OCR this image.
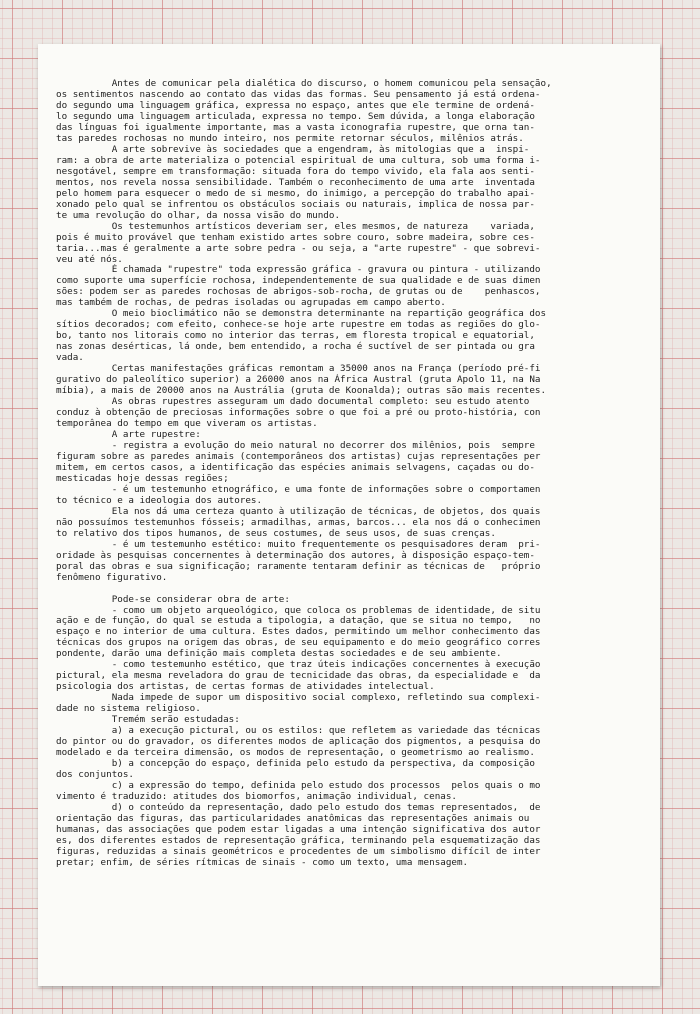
Antes de comunicar pela dialética do discurso, o homem comunicou pela sensação,
os sentimentos nascendo ao contato das vidas das formas. Seu pensamento já está ordena-
do segundo uma linguagem gráfica, expressa no espaço, antes que ele termine de ordená-
lo segundo uma linguagem articulada, expressa no tempo. Sem dúvida, a longa elaboração
das línguas foi igualmente importante, mas a vasta iconografia rupestre, que orna tan-
tas paredes rochosas no mundo inteiro, nos permite retornar séculos, milênios atrás.
A arte sobrevive às sociedades que a engendram, às mitologias que a  inspi-
ram: a obra de arte materializa o potencial espiritual de uma cultura, sob uma forma i-
nesgotável, sempre em transformação: situada fora do tempo vivido, ela fala aos senti-
mentos, nos revela nossa sensibilidade. Também o reconhecimento de uma arte  inventada
pelo homem para esquecer o medo de si mesmo, do inimigo, a percepção do trabalho apai-
xonado pelo qual se infrentou os obstáculos sociais ou naturais, implica de nossa par-
te uma revolução do olhar, da nossa visão do mundo.
Os testemunhos artísticos deveriam ser, eles mesmos, de natureza    variada,
pois é muito provável que tenham existido artes sobre couro, sobre madeira, sobre ces-
taria...mas é geralmente a arte sobre pedra - ou seja, a "arte rupestre" - que sobrevi-
veu até nós.
É chamada "rupestre" toda expressão gráfica - gravura ou pintura - utilizando
como suporte uma superfície rochosa, independentemente de sua qualidade e de suas dimen
sões: podem ser as paredes rochosas de abrigos-sob-rocha, de grutas ou de    penhascos,
mas também de rochas, de pedras isoladas ou agrupadas em campo aberto.
O meio bioclimático não se demonstra determinante na repartição geográfica dos
sítios decorados; com efeito, conhece-se hoje arte rupestre em todas as regiões do glo-
bo, tanto nos litorais como no interior das terras, em floresta tropical e equatorial,
nas zonas desérticas, lá onde, bem entendido, a rocha é suctível de ser pintada ou gra
vada.
Certas manifestações gráficas remontam a 35000 anos na França (período pré-fi
gurativo do paleolítico superior) a 26000 anos na África Austral (gruta Apolo 11, na Na
míbia), a mais de 20000 anos na Austrália (gruta de Koonalda); outras são mais recentes.
As obras rupestres asseguram um dado documental completo: seu estudo atento
conduz à obtenção de preciosas informações sobre o que foi a pré ou proto-história, con
temporânea do tempo em que viveram os artistas.
A arte rupestre:
- registra a evolução do meio natural no decorrer dos milênios, pois  sempre
figuram sobre as paredes animais (contemporâneos dos artistas) cujas representações per
mitem, em certos casos, a identificação das espécies animais selvagens, caçadas ou do-
mesticadas hoje dessas regiões;
- é um testemunho etnográfico, e uma fonte de informações sobre o comportamen
to técnico e a ideologia dos autores.
Ela nos dá uma certeza quanto à utilização de técnicas, de objetos, dos quais
não possuímos testemunhos fósseis; armadilhas, armas, barcos... ela nos dá o conhecimen
to relativo dos tipos humanos, de seus costumes, de seus usos, de suas crenças.
- é um testemunho estético: muito frequentemente os pesquisadores deram  pri-
oridade às pesquisas concernentes à determinação dos autores, à disposição espaço-tem-
poral das obras e sua significação; raramente tentaram definir as técnicas de   próprio
fenômeno figurativo.
Pode-se considerar obra de arte:
- como um objeto arqueológico, que coloca os problemas de identidade, de situ
ação e de função, do qual se estuda a tipologia, a datação, que se situa no tempo,   no
espaço e no interior de uma cultura. Estes dados, permitindo um melhor conhecimento das
técnicas dos grupos na origem das obras, de seu equipamento e do meio geográfico corres
pondente, darão uma definição mais completa destas sociedades e de seu ambiente.
- como testemunho estético, que traz úteis indicações concernentes à execução
pictural, ela mesma reveladora do grau de tecnicidade das obras, da especialidade e  da
psicologia dos artistas, de certas formas de atividades intelectual.
Nada impede de supor um dispositivo social complexo, refletindo sua complexi-
dade no sistema religioso.
Tremém serão estudadas:
a) a execução pictural, ou os estilos: que refletem as variedade das técnicas
do pintor ou do gravador, os diferentes modos de aplicação dos pigmentos, a pesquisa do
modelado e da terceira dimensão, os modos de representação, o geometrismo ao realismo.
b) a concepção do espaço, definida pelo estudo da perspectiva, da composição
dos conjuntos.
c) a expressão do tempo, definida pelo estudo dos processos  pelos quais o mo
vimento é traduzido: atitudes dos biomorfos, animação individual, cenas.
d) o conteúdo da representação, dado pelo estudo dos temas representados,  de
orientação das figuras, das particularidades anatômicas das representações animais ou
humanas, das associações que podem estar ligadas a uma intenção significativa dos autor
es, dos diferentes estados de representação gráfica, terminando pela esquematização das
figuras, reduzidas a sinais geométricos e procedentes de um simbolismo difícil de inter
pretar; enfim, de séries rítmicas de sinais - como um texto, uma mensagem.
